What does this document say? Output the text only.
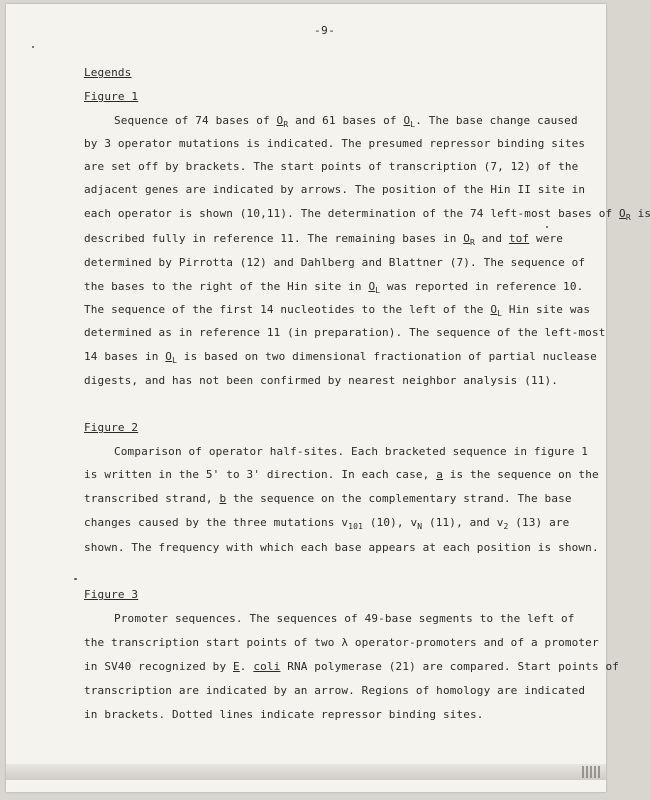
-9-
Legends
Figure 1
Sequence of 74 bases of $O_R$ and 61 bases of $O_L$. The base change caused
by 3 operator mutations is indicated. The presumed repressor binding sites
are set off by brackets. The start points of transcription (7, 12) of the
adjacent genes are indicated by arrows. The position of the Hin II site in
each operator is shown (10,11). The determination of the 74 left-most bases of $O_R$ is
described fully in reference 11. The remaining bases in $O_R$ and tof were
determined by Pirrotta (12) and Dahlberg and Blattner (7). The sequence of
the bases to the right of the Hin site in $O_L$ was reported in reference 10.
The sequence of the first 14 nucleotides to the left of the $O_L$ Hin site was
determined as in reference 11 (in preparation). The sequence of the left-most
14 bases in $O_L$ is based on two dimensional fractionation of partial nuclease
digests, and has not been confirmed by nearest neighbor analysis (11).
Figure 2
Comparison of operator half-sites. Each bracketed sequence in figure 1
is written in the 5' to 3' direction. In each case, a is the sequence on the
transcribed strand, b the sequence on the complementary strand. The base
changes caused by the three mutations $v_{101}$ (10), $v_N$ (11), and $v_2$ (13) are
shown. The frequency with which each base appears at each position is shown.
Figure 3
Promoter sequences. The sequences of 49-base segments to the left of
the transcription start points of two λ operator-promoters and of a promoter
in SV40 recognized by E. coli RNA polymerase (21) are compared. Start points of
transcription are indicated by an arrow. Regions of homology are indicated
in brackets. Dotted lines indicate repressor binding sites.
